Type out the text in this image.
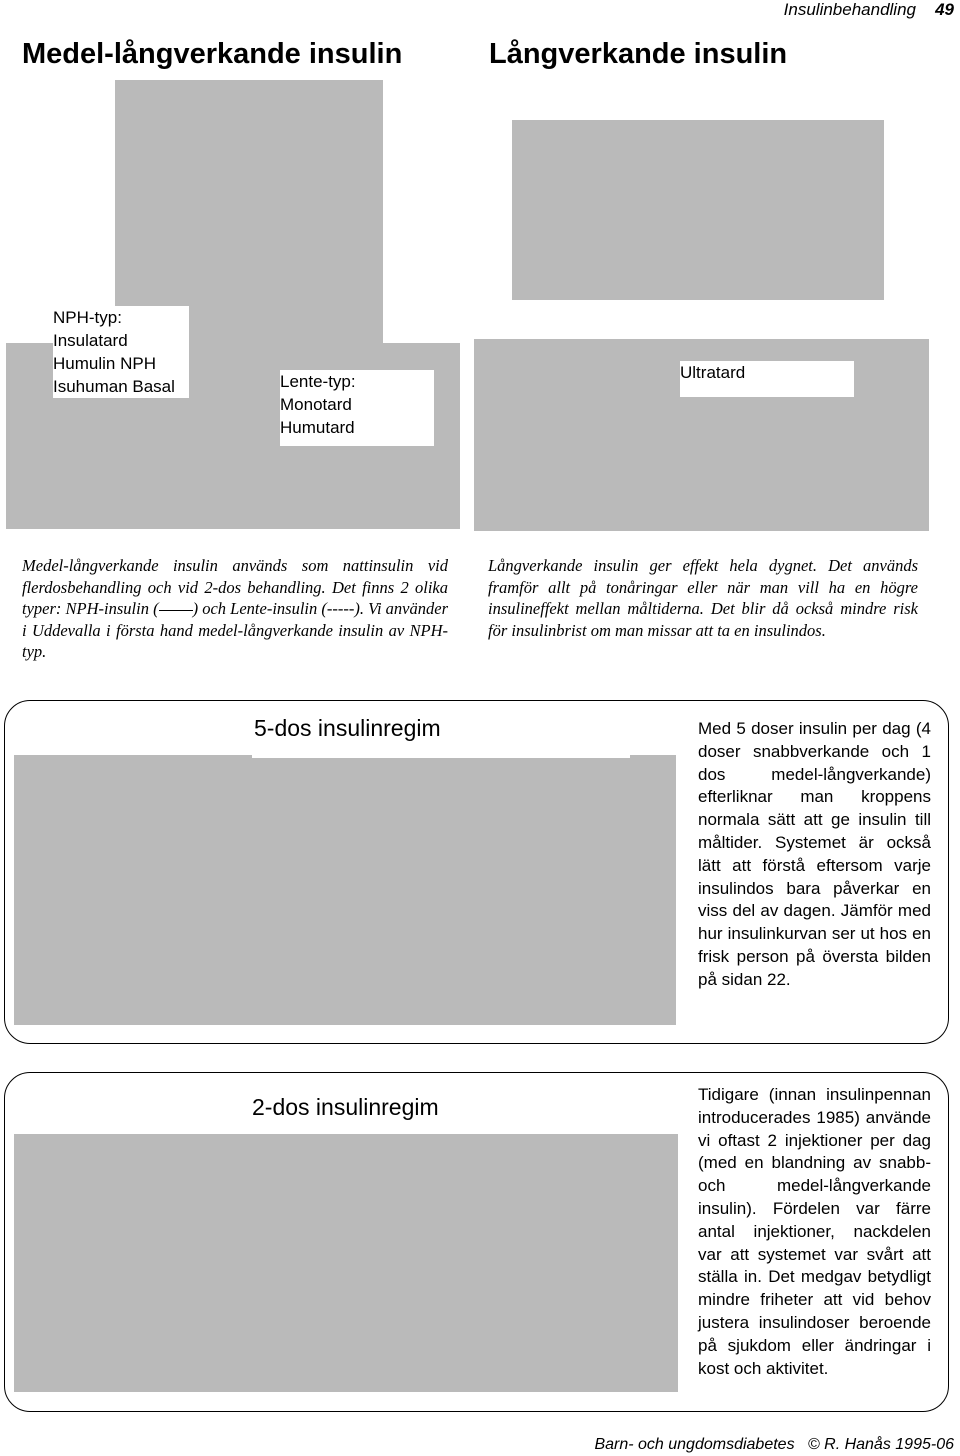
Insulinbehandling 49
Medel-långverkande insulin	Långverkande insulin
NPH-typ:
Insulatard
Humulin NPH
Isuhuman Basal	Lente-typ:
Monotard
Humutard
Ultratard
Medel-långverkande insulin används som nattinsulin vid flerdosbehandling och vid 2-dos behandling. Det finns 2 olika typer: NPH-insulin ( ) och Lente-insulin (-----). Vi använder i Uddevalla i första hand medel-långverkande insulin av NPH-typ.
Långverkande insulin ger effekt hela dygnet. Det används framför allt på tonåringar eller när man vill ha en högre insulineffekt mellan måltiderna. Det blir då också mindre risk för insulinbrist om man missar att ta en insulindos.
5-dos insulinregim	Med 5 doser insulin per dag (4 doser snabbverkande och 1 dos medel-långverkande) efterliknar man kroppens normala sätt att ge insulin till måltider. Systemet är också lätt att förstå eftersom varje insulindos bara påverkar en viss del av dagen. Jämför med hur insulinkurvan ser ut hos en frisk person på översta bilden på sidan 22.
2-dos insulinregim	Tidigare (innan insulinpennan introducerades 1985) använde vi oftast 2 injektioner per dag (med en blandning av snabb- och medel-långverkande insulin). Fördelen var färre antal injektioner, nackdelen var att systemet var svårt att ställa in. Det medgav betydligt mindre friheter att vid behov justera insulindoser beroende på sjukdom eller ändringar i kost och aktivitet.
Barn- och ungdomsdiabetes   © R. Hanås 1995-06
